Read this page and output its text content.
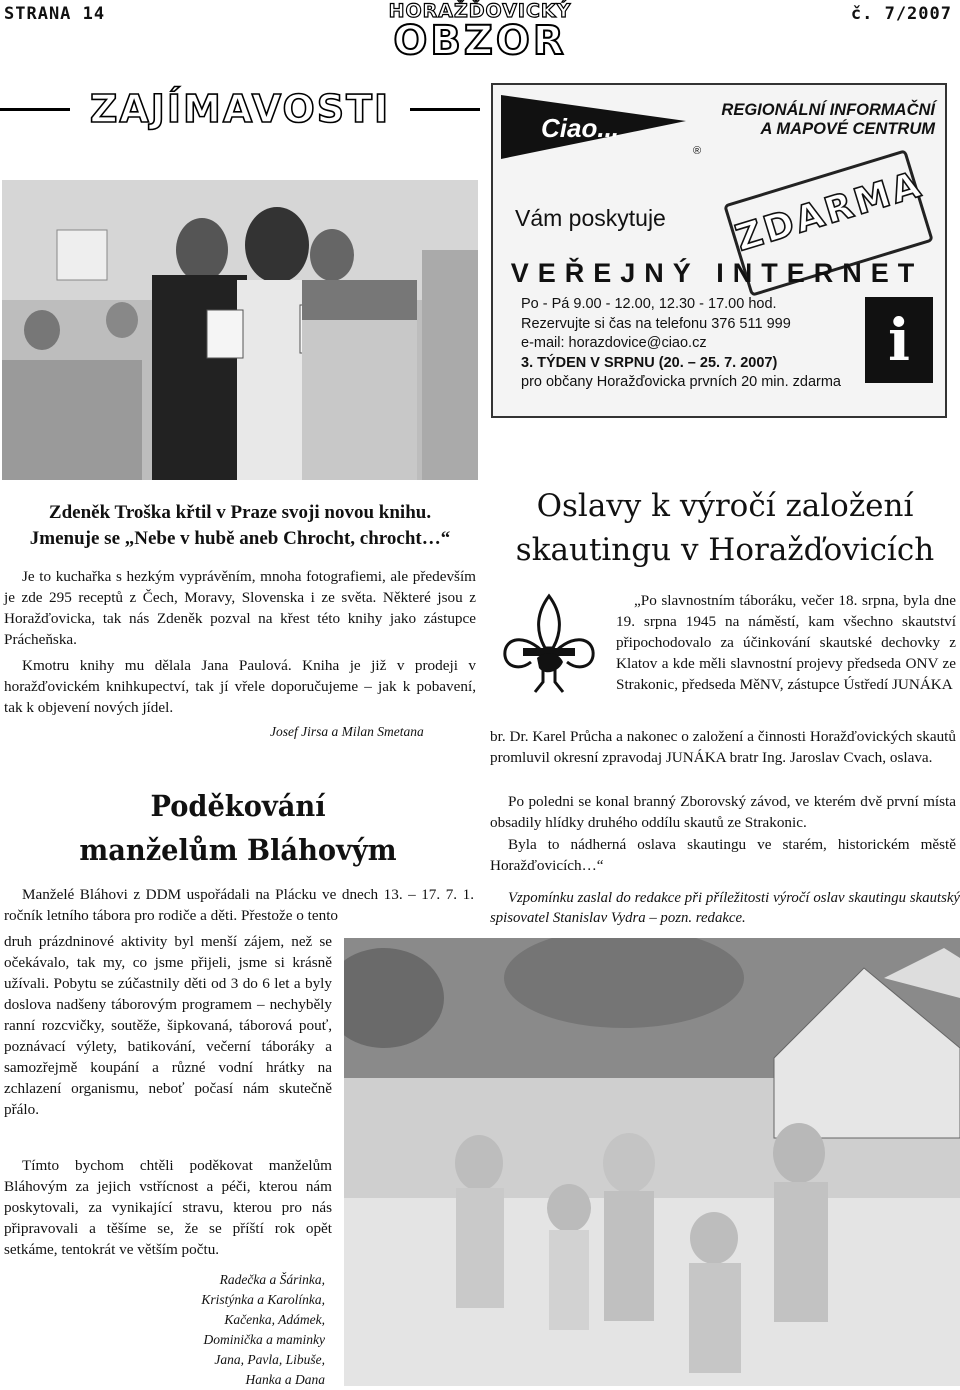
STRANA 14	č. 7/2007
HORAŽĎOVICKÝ
OBZOR
ZAJÍMAVOSTI	Ciao...
®
REGIONÁLNÍ INFORMAČNÍ
A MAPOVÉ CENTRUM
Vám poskytuje ZDARMA
VEŘEJNÝ INTERNET
Po - Pá 9.00 - 12.00, 12.30 - 17.00 hod.
Rezervujte si čas na telefonu 376 511 999
e-mail: horazdovice@ciao.cz
3. TÝDEN V SRPNU (20. – 25. 7. 2007)
pro občany Horažďovicka prvních 20 min. zdarma
i
Zdeněk Troška křtil v Praze svoji novou knihu.
Jmenuje se „Nebe v hubě aneb Chrocht, chrocht…“
Je to kuchařka s hezkým vyprávěním, mnoha fotografiemi, ale především je zde 295 receptů z Čech, Moravy, Slovenska i ze světa. Některé jsou z Horažďovicka, tak nás Zdeněk pozval na křest této knihy jako zástupce Prácheňska.
Kmotru knihy mu dělala Jana Paulová. Kniha je již v prodeji v horažďovickém knihkupectví, tak jí vřele doporučujeme – jak k pobavení, tak k objevení nových jídel.
Josef Jirsa a Milan Smetana
Poděkování
manželům Bláhovým
Manželé Bláhovi z DDM uspořádali na Plácku ve dnech 13. – 17. 7. 1. ročník letního tábora pro rodiče a děti. Přestože o tento
druh prázdninové aktivity byl menší zájem, než se očekávalo, tak my, co jsme přijeli, jsme si krásně užívali. Pobytu se zúčastnily děti od 3 do 6 let a byly doslova nadšeny táborovým programem – nechyběly ranní rozcvičky, soutěže, šipkovaná, táborová pouť, poznávací výlety, batikování, večerní táboráky a samozřejmě koupání a různé vodní hrátky na zchlazení organismu, neboť počasí nám skutečně přálo.
Tímto bychom chtěli poděkovat manželům Bláhovým za jejich vstřícnost a péči, kterou nám poskytovali, za vynikající stravu, kterou pro nás připravovali a těšíme se, že se příští rok opět setkáme, tentokrát ve větším počtu.
Radečka a Šárinka,
Kristýnka a Karolínka,
Kačenka, Adámek,
Dominička a maminky
Jana, Pavla, Libuše,
Hanka a Dana
Oslavy k výročí založení
skautingu v Horažďovicích
„Po slavnostním táboráku, večer 18. srpna, byla dne 19. srpna 1945 na náměstí, kam všechno skautství připochodovalo za účinkování skautské dechovky z Klatov a kde měli slavnostní projevy předseda ONV ze Strakonic, předseda MěNV, zástupce Ústředí JUNÁKA
br. Dr. Karel Průcha a nakonec o založení a činnosti Horažďovických skautů promluvil okresní zpravodaj JUNÁKA bratr Ing. Jaroslav Cvach, oslava.
Po poledni se konal branný Zborovský závod, ve kterém dvě první místa obsadily hlídky druhého oddílu skautů ze Strakonic.
Byla to nádherná oslava skautingu ve starém, historickém městě Horažďovicích…“
Vzpomínku zaslal do redakce při příležitosti výročí oslav skautingu skautský spisovatel Stanislav Vydra – pozn. redakce.
